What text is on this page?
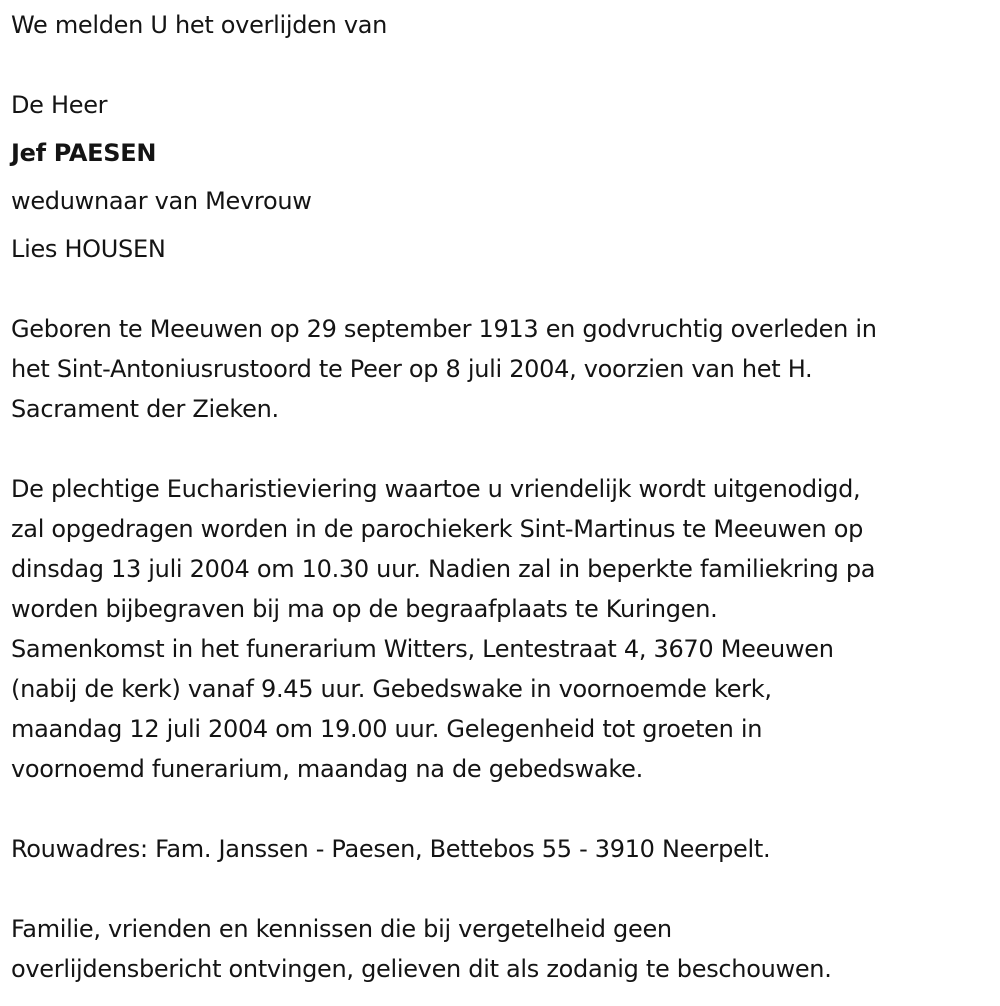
We melden U het overlijden van
De Heer
Jef PAESEN
weduwnaar van Mevrouw
Lies HOUSEN
Geboren te Meeuwen op 29 september 1913 en godvruchtig overleden in
het Sint-Antoniusrustoord te Peer op 8 juli 2004, voorzien van het H.
Sacrament der Zieken.
De plechtige Eucharistieviering waartoe u vriendelijk wordt uitgenodigd,
zal opgedragen worden in de parochiekerk Sint-Martinus te Meeuwen op
dinsdag 13 juli 2004 om 10.30 uur. Nadien zal in beperkte familiekring pa
worden bijbegraven bij ma op de begraafplaats te Kuringen.
Samenkomst in het funerarium Witters, Lentestraat 4, 3670 Meeuwen
(nabij de kerk) vanaf 9.45 uur. Gebedswake in voornoemde kerk,
maandag 12 juli 2004 om 19.00 uur. Gelegenheid tot groeten in
voornoemd funerarium, maandag na de gebedswake.
Rouwadres: Fam. Janssen - Paesen, Bettebos 55 - 3910 Neerpelt.
Familie, vrienden en kennissen die bij vergetelheid geen
overlijdensbericht ontvingen, gelieven dit als zodanig te beschouwen.
